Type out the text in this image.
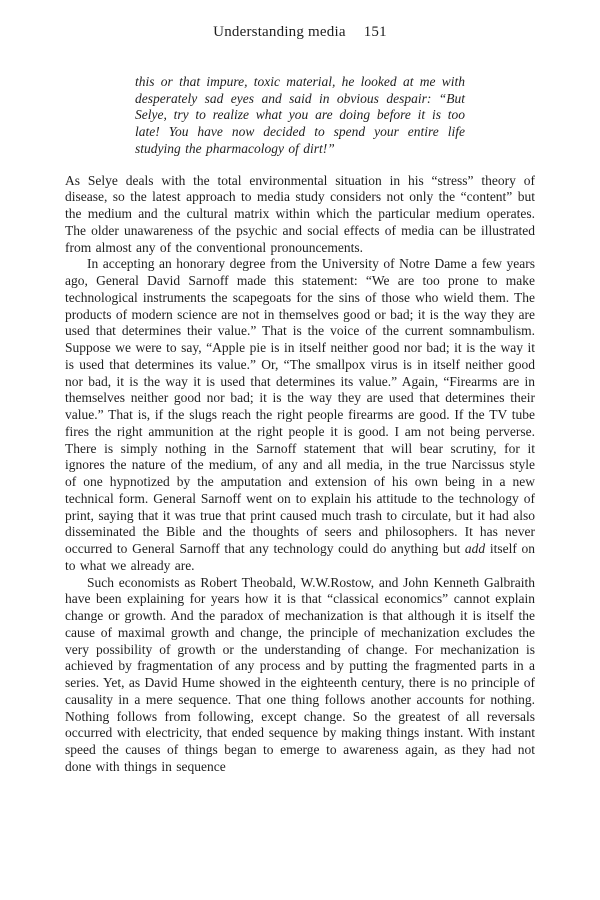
Understanding media 151
this or that impure, toxic material, he looked at me with desperately sad eyes and said in obvious despair: “But Selye, try to realize what you are doing before it is too late! You have now decided to spend your entire life studying the pharmacology of dirt!”

As Selye deals with the total environmental situation in his “stress” theory of disease, so the latest approach to media study considers not only the “content” but the medium and the cultural matrix within which the particular medium operates. The older unawareness of the psychic and social effects of media can be illustrated from almost any of the conventional pronouncements.

In accepting an honorary degree from the University of Notre Dame a few years ago, General David Sarnoff made this statement: “We are too prone to make technological instruments the scapegoats for the sins of those who wield them. The products of modern science are not in themselves good or bad; it is the way they are used that determines their value.” That is the voice of the current somnambulism. Suppose we were to say, “Apple pie is in itself neither good nor bad; it is the way it is used that determines its value.” Or, “The smallpox virus is in itself neither good nor bad, it is the way it is used that determines its value.” Again, “Firearms are in themselves neither good nor bad; it is the way they are used that determines their value.” That is, if the slugs reach the right people firearms are good. If the TV tube fires the right ammunition at the right people it is good. I am not being perverse. There is simply nothing in the Sarnoff statement that will bear scrutiny, for it ignores the nature of the medium, of any and all media, in the true Narcissus style of one hypnotized by the amputation and extension of his own being in a new technical form. General Sarnoff went on to explain his attitude to the technology of print, saying that it was true that print caused much trash to circulate, but it had also disseminated the Bible and the thoughts of seers and philosophers. It has never occurred to General Sarnoff that any technology could do anything but add itself on to what we already are.

Such economists as Robert Theobald, W.W.Rostow, and John Kenneth Galbraith have been explaining for years how it is that “classical economics” cannot explain change or growth. And the paradox of mechanization is that although it is itself the cause of maximal growth and change, the principle of mechanization excludes the very possibility of growth or the understanding of change. For mechanization is achieved by fragmentation of any process and by putting the fragmented parts in a series. Yet, as David Hume showed in the eighteenth century, there is no principle of causality in a mere sequence. That one thing follows another accounts for nothing. Nothing follows from following, except change. So the greatest of all reversals occurred with electricity, that ended sequence by making things instant. With instant speed the causes of things began to emerge to awareness again, as they had not done with things in sequence
